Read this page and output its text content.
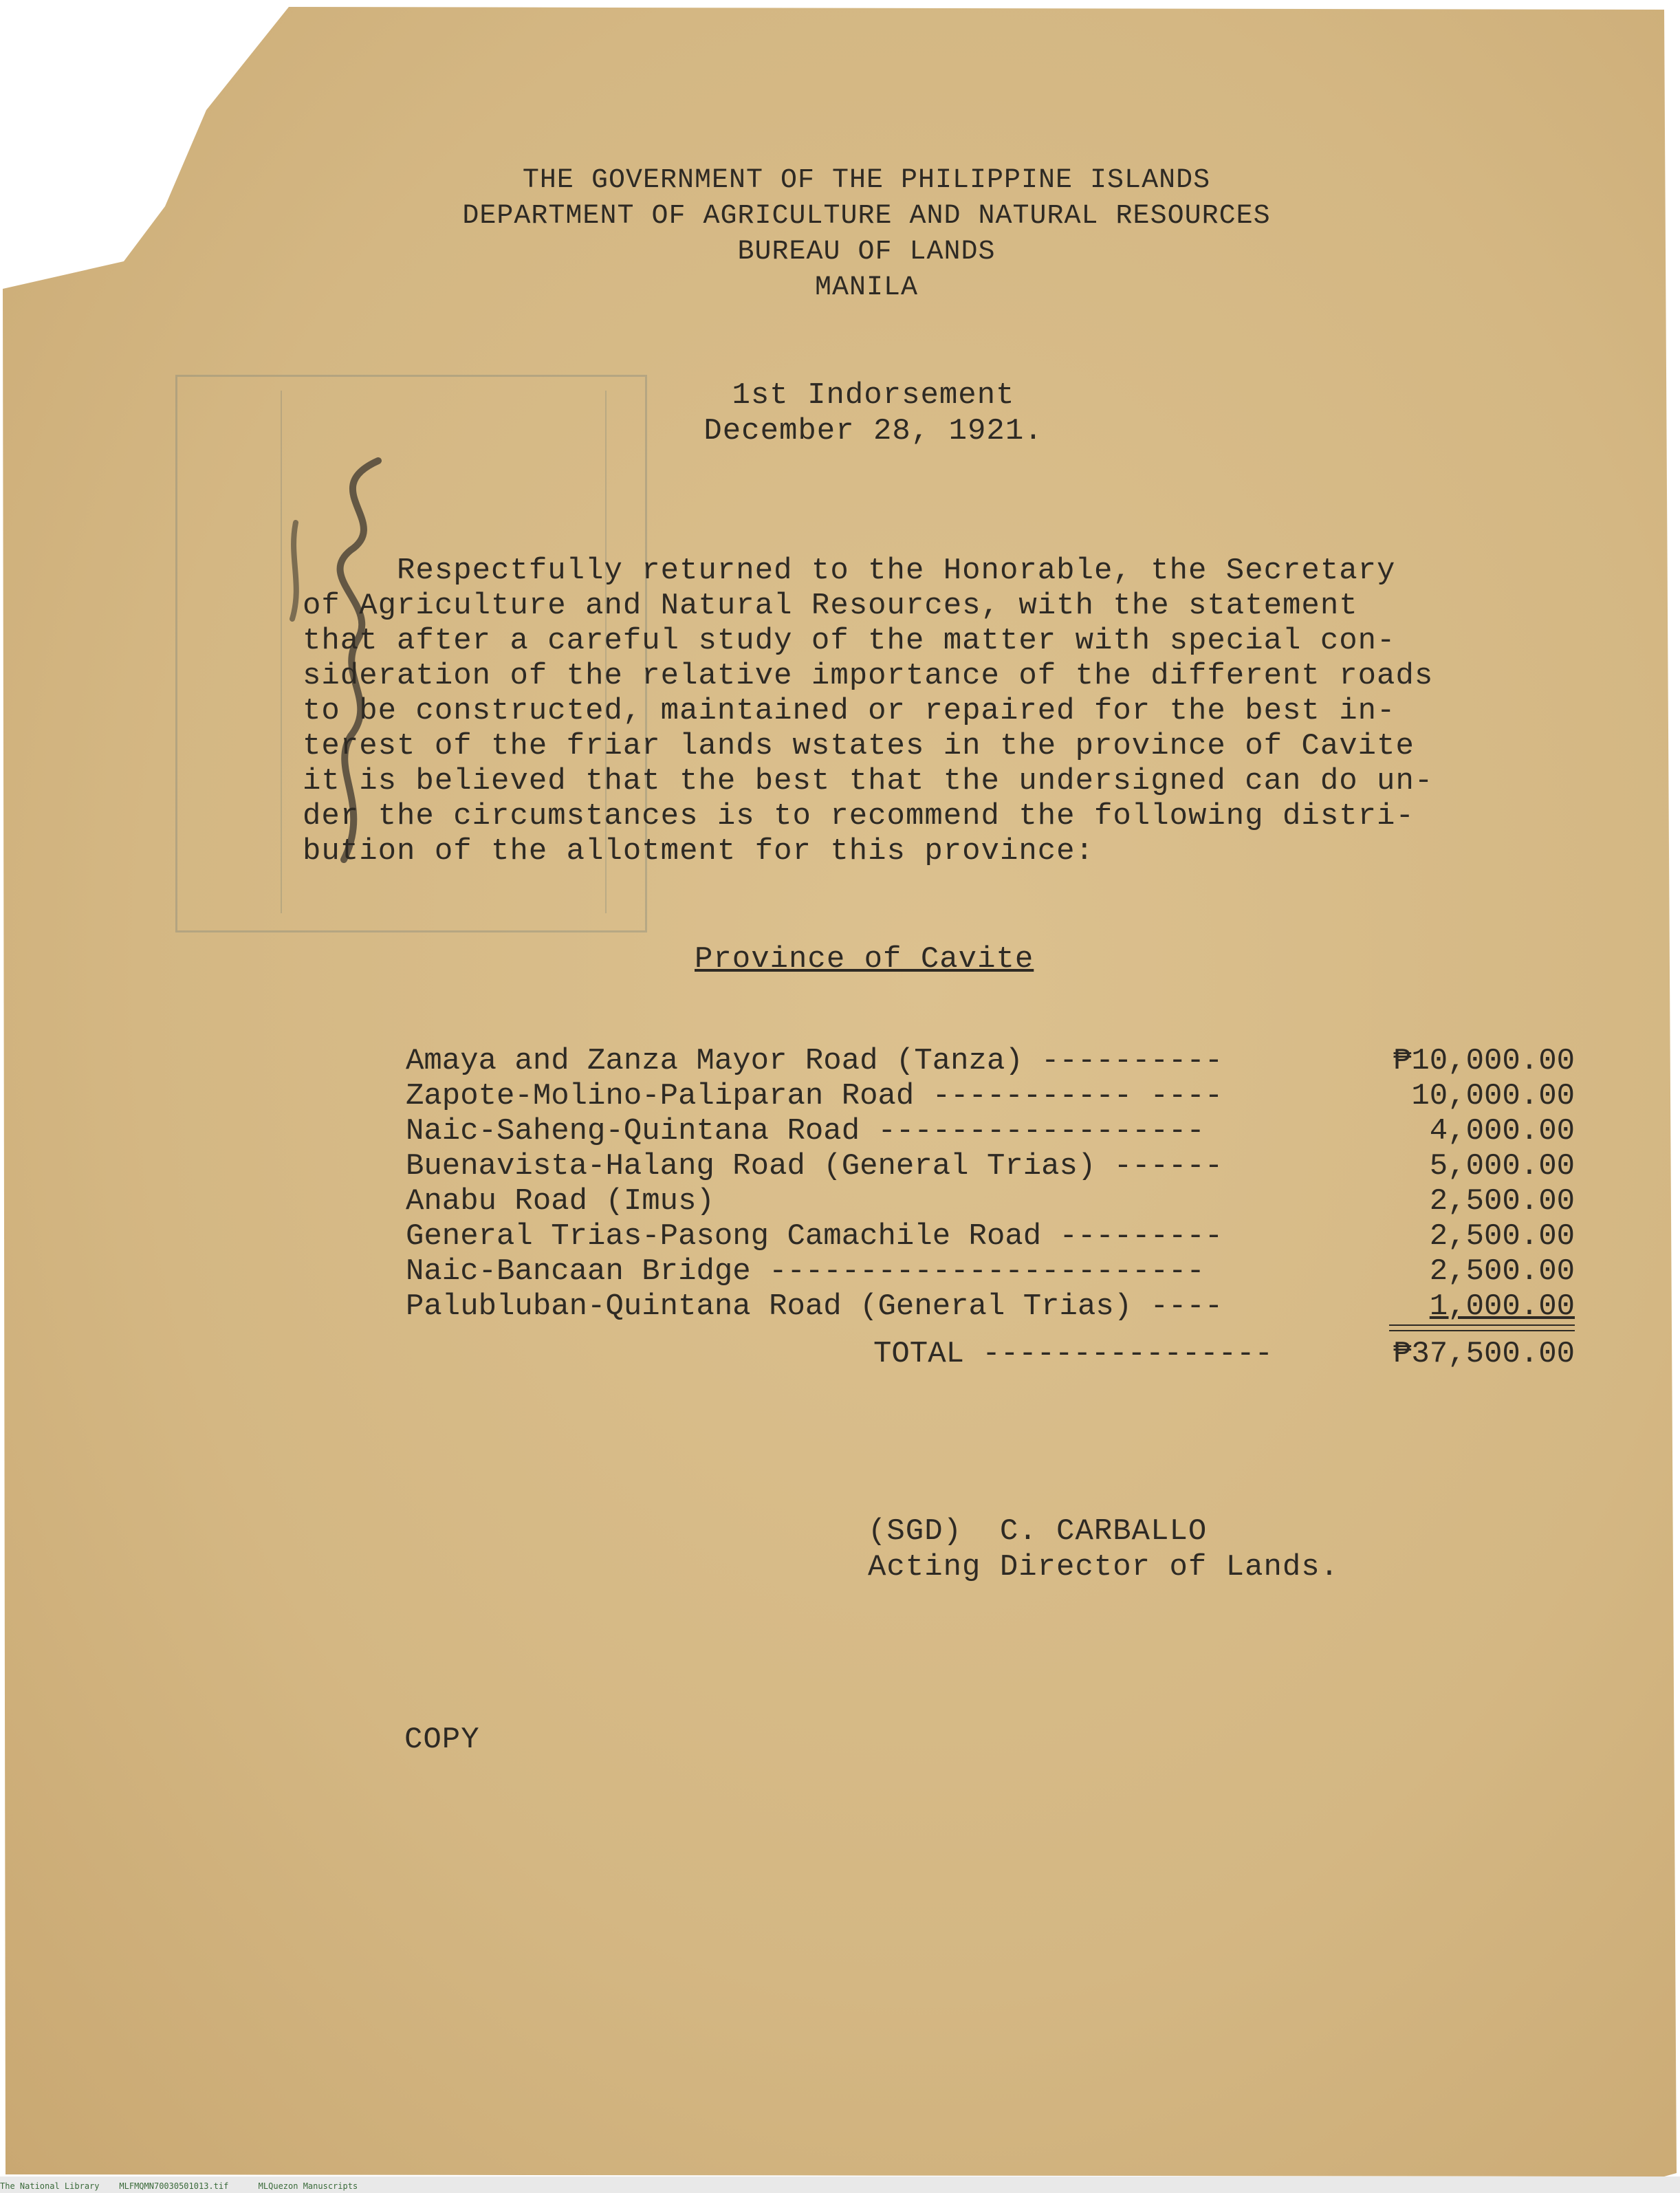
THE GOVERNMENT OF THE PHILIPPINE ISLANDS
DEPARTMENT OF AGRICULTURE AND NATURAL RESOURCES
BUREAU OF LANDS
MANILA
1st Indorsement
December 28, 1921.
Respectfully returned to the Honorable, the Secretary
of Agriculture and Natural Resources, with the statement
that after a careful study of the matter with special con-
sideration of the relative importance of the different roads
to be constructed, maintained or repaired for the best in-
terest of the friar lands wstates in the province of Cavite
it is believed that the best that the undersigned can do un-
der the circumstances is to recommend the following distri-
bution of the allotment for this province:
Province of Cavite
Amaya and Zanza Mayor Road (Tanza) ----------	₱10,000.00
Zapote-Molino-Paliparan Road ----------- ----	10,000.00
Naic-Saheng-Quintana Road ------------------	4,000.00
Buenavista-Halang Road (General Trias) ------	5,000.00
Anabu Road (Imus)	2,500.00
General Trias-Pasong Camachile Road ---------	2,500.00
Naic-Bancaan Bridge ------------------------	2,500.00
Palubluban-Quintana Road (General Trias) ----	1,000.00
TOTAL ----------------	₱37,500.00
(SGD)  C. CARBALLO
Acting Director of Lands.
COPY
The National Library    MLFMQMN70030501013.tif      MLQuezon Manuscripts
